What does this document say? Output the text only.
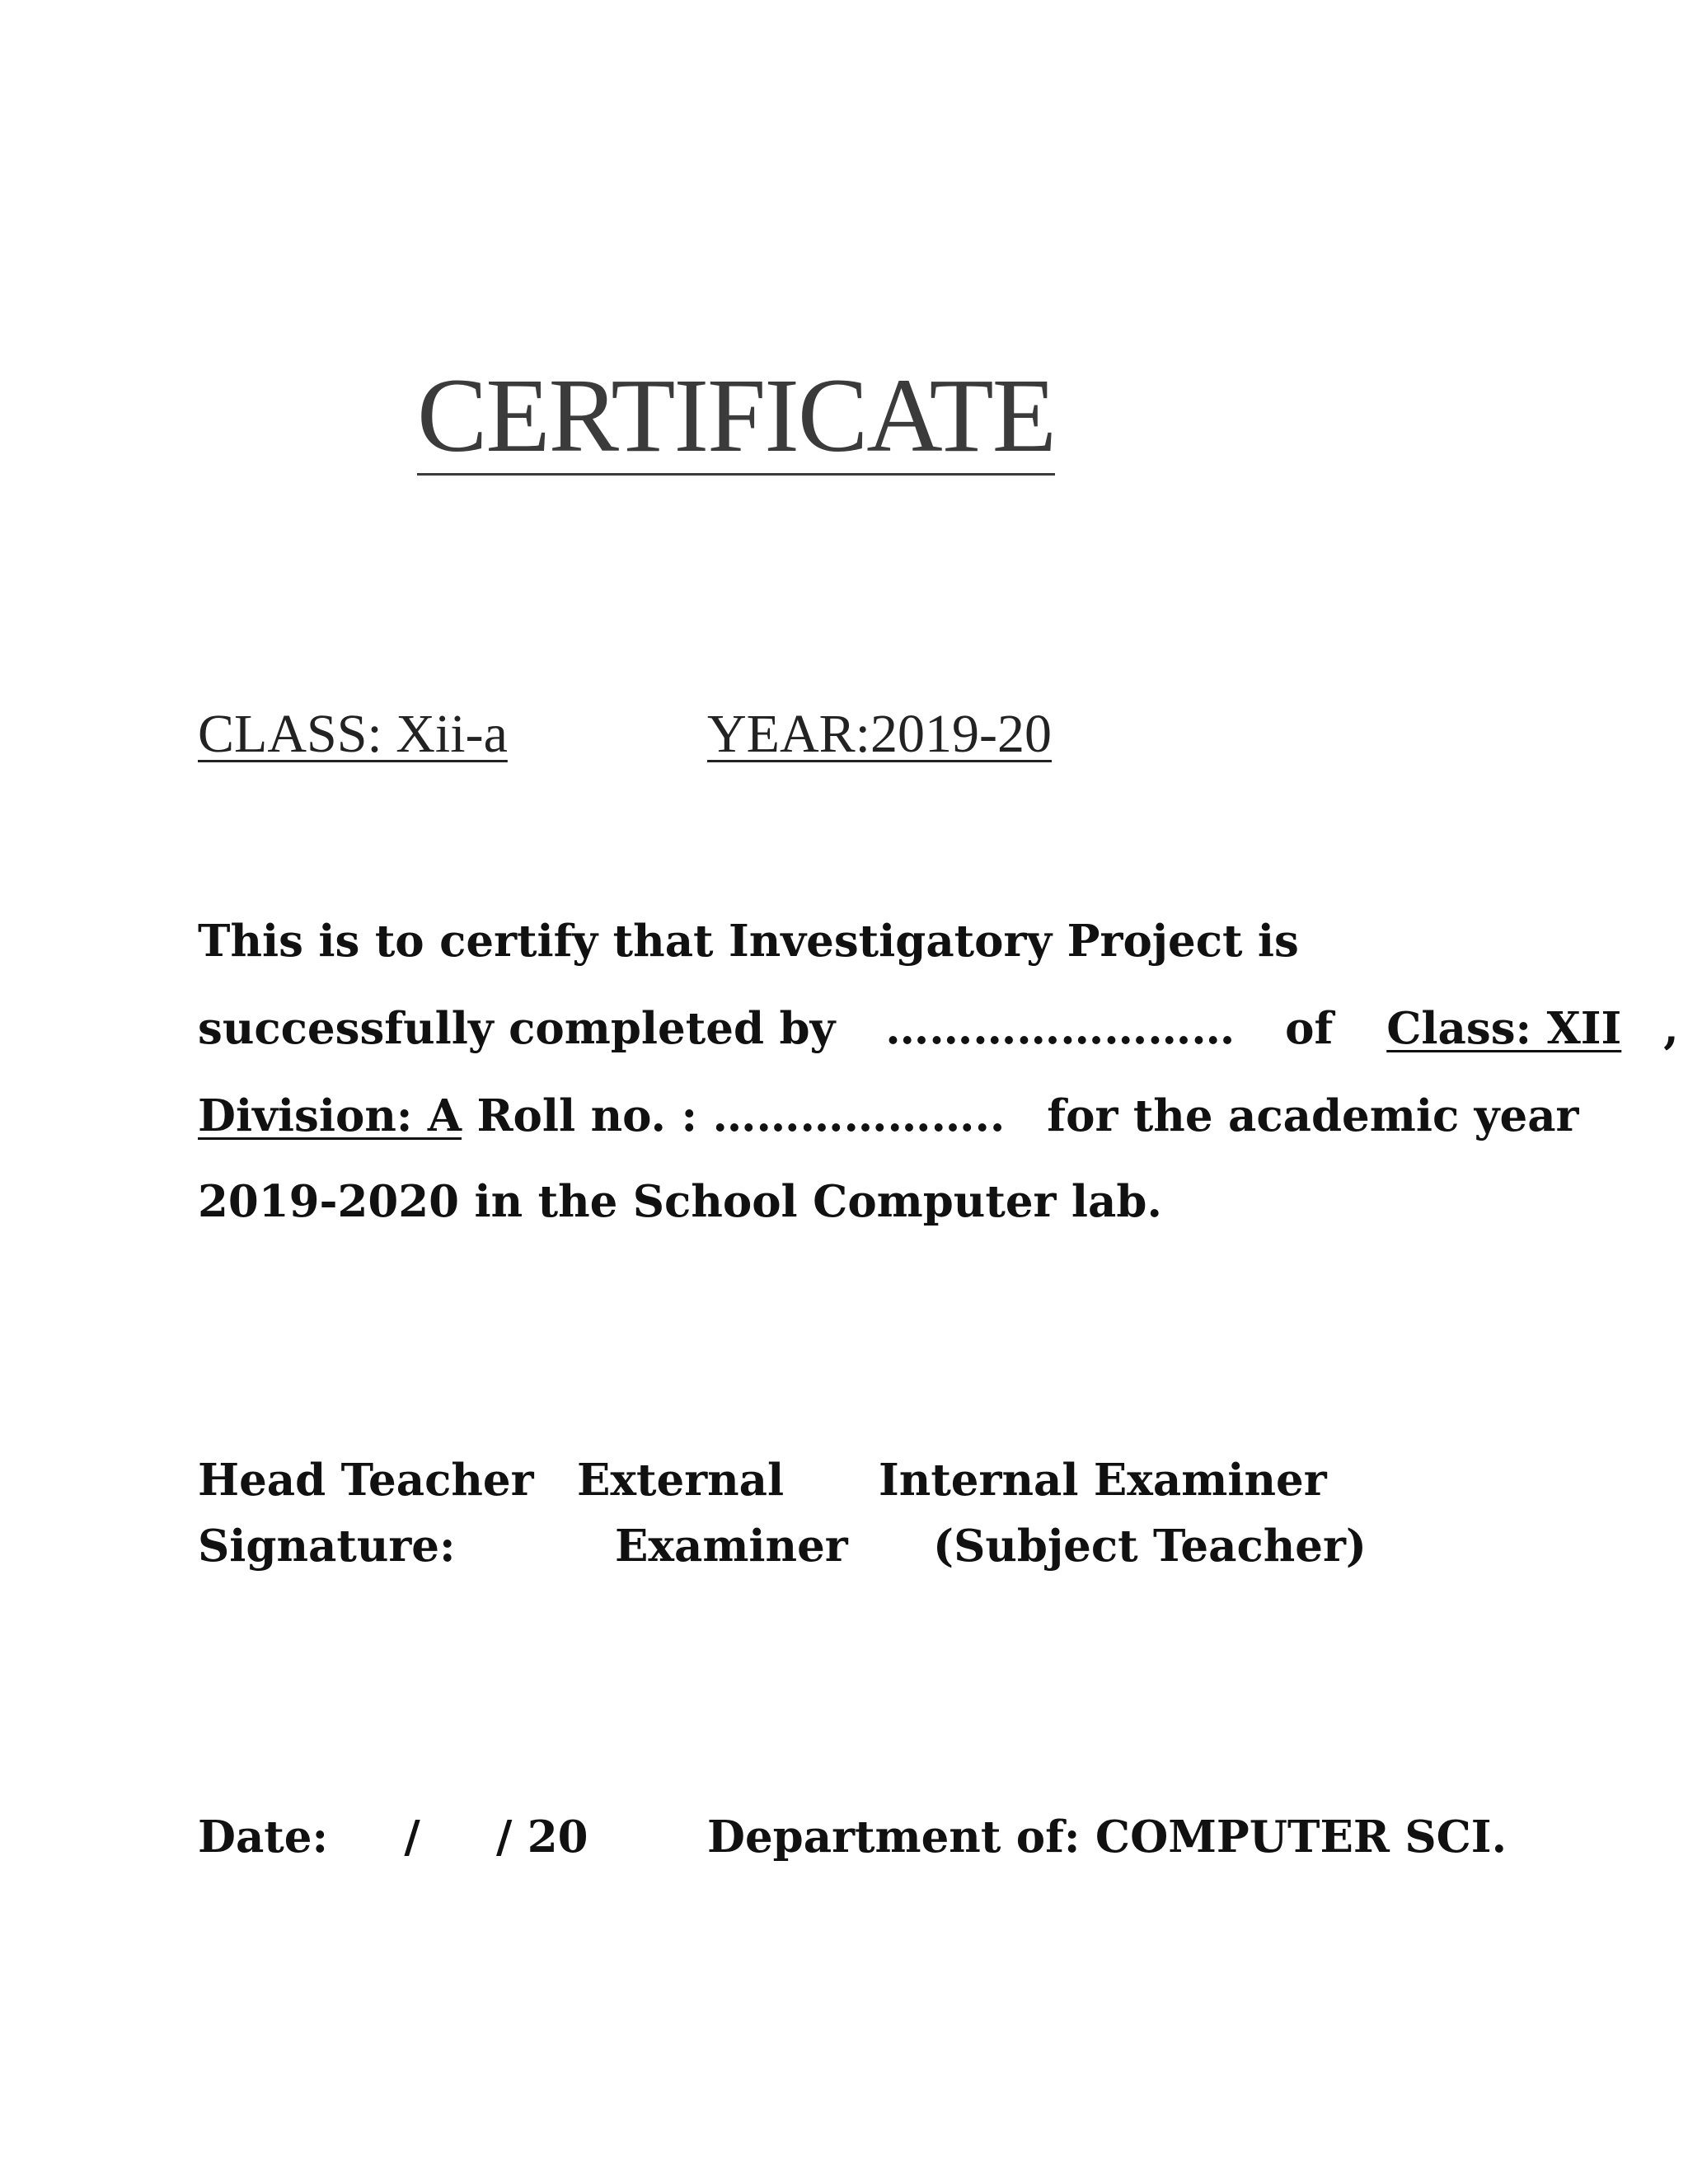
CERTIFICATE
CLASS: Xii-a	YEAR:2019-20
This is to certify that Investigatory Project is
successfully completed by …………………… of Class: XII ,
Division: A Roll no. : ……………….. for the academic year
2019-2020 in the School Computer lab.
Head Teacher
Signature:
External
Examiner
Internal Examiner
(Subject Teacher)
Date:     /     / 20	Department of: COMPUTER SCI.
